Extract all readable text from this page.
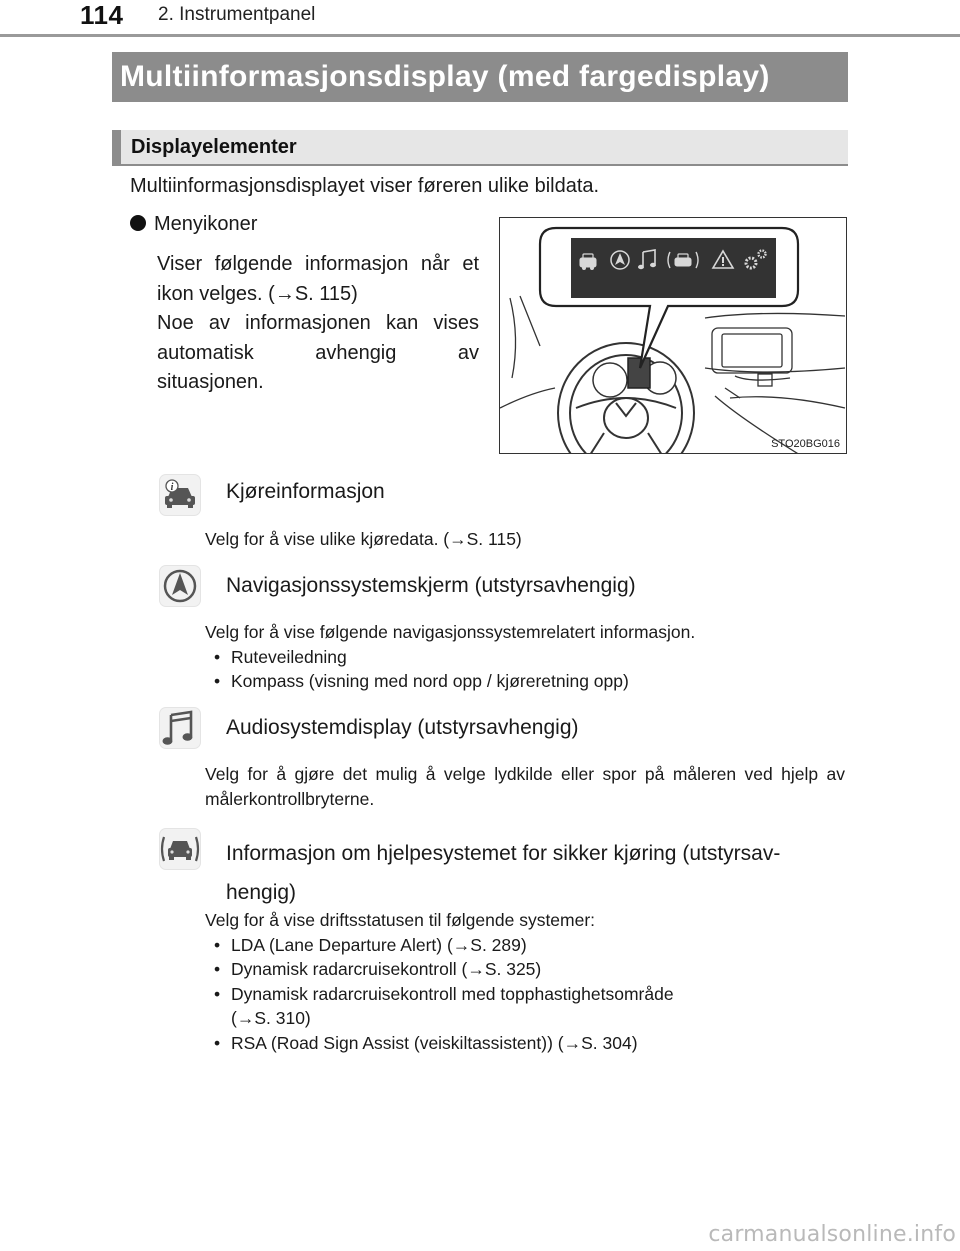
114 2. Instrumentpanel
Multiinformasjonsdisplay (med fargedisplay)
Displayelementer
Multiinformasjonsdisplayet viser føreren ulike bildata.
Menyikoner

Viser følgende informasjon når et ikon velges. (→S. 115)

Noe av informasjonen kan vises automatisk avhengig av situasjonen.

STO20BG016
i	Kjøreinformasjon

Velg for å vise ulike kjøredata. (→S. 115)

Navigasjonssystemskjerm (utstyrsavhengig)

Velg for å vise følgende navigasjonssystemrelatert informasjon.

• Ruteveiledning
• Kompass (visning med nord opp / kjøreretning opp)
Audiosystemdisplay (utstyrsavhengig)

Velg for å gjøre det mulig å velge lydkilde eller spor på måleren ved hjelp av målerkontrollbryterne.

Informasjon om hjelpesystemet for sikker kjøring (utstyrsav-
hengig)

Velg for å vise driftsstatusen til følgende systemer:

• LDA (Lane Departure Alert) (→S. 289)
• Dynamisk radarcruisekontroll (→S. 325)
• Dynamisk radarcruisekontroll med topphastighetsområde
(→S. 310)
• RSA (Road Sign Assist (veiskiltassistent)) (→S. 304)
carmanualsonline.info
